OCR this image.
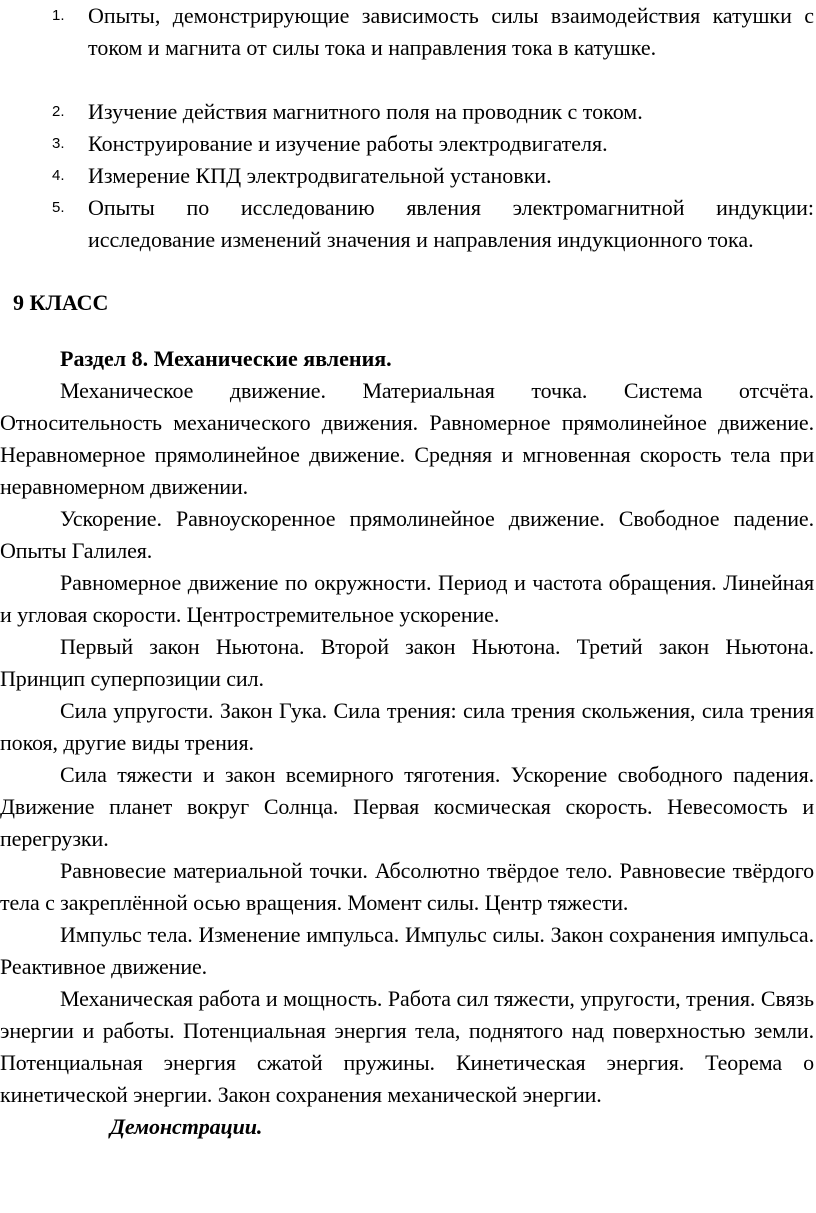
1. Опыты, демонстрирующие зависимость силы взаимодействия катушки с током и магнита от силы тока и направления тока в катушке.
2. Изучение действия магнитного поля на проводник с током.
3. Конструирование и изучение работы электродвигателя.
4. Измерение КПД электродвигательной установки.
5. Опыты по исследованию явления электромагнитной индукции: исследование изменений значения и направления индукционного тока.
9 КЛАСС
Раздел 8. Механические явления.

Механическое движение. Материальная точка. Система отсчёта. Относительность механического движения. Равномерное прямолинейное движение. Неравномерное прямолинейное движение. Средняя и мгновенная скорость тела при неравномерном движении.

Ускорение. Равноускоренное прямолинейное движение. Свободное падение. Опыты Галилея.

Равномерное движение по окружности. Период и частота обращения. Линейная и угловая скорости. Центростремительное ускорение.

Первый закон Ньютона. Второй закон Ньютона. Третий закон Ньютона. Принцип суперпозиции сил.

Сила упругости. Закон Гука. Сила трения: сила трения скольжения, сила трения покоя, другие виды трения.

Сила тяжести и закон всемирного тяготения. Ускорение свободного падения. Движение планет вокруг Солнца. Первая космическая скорость. Невесомость и перегрузки.

Равновесие материальной точки. Абсолютно твёрдое тело. Равновесие твёрдого тела с закреплённой осью вращения. Момент силы. Центр тяжести.

Импульс тела. Изменение импульса. Импульс силы. Закон сохранения импульса. Реактивное движение.

Механическая работа и мощность. Работа сил тяжести, упругости, трения. Связь энергии и работы. Потенциальная энергия тела, поднятого над поверхностью земли. Потенциальная энергия сжатой пружины. Кинетическая энергия. Теорема о кинетической энергии. Закон сохранения механической энергии.

Демонстрации.
